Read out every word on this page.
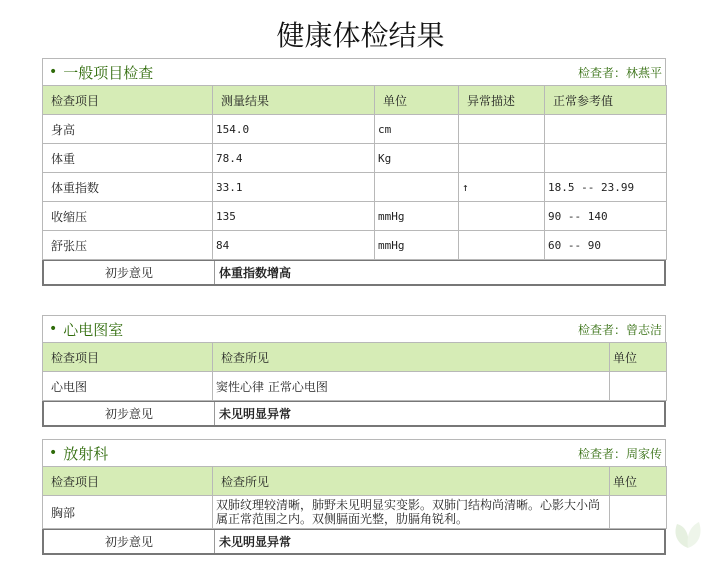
健康体检结果
• 一般项目检查	检查者：林燕平
检查项目	测量结果	单位	异常描述	正常参考值
身高	154.0	cm		
体重	78.4	Kg		
体重指数	33.1		↑	18.5 -- 23.99
收缩压	135	mmHg		90 -- 140
舒张压	84	mmHg		60 -- 90
初步意见	体重指数增高
• 心电图室	检查者：曾志洁
检查项目	检查所见	单位
心电图	窦性心律 正常心电图	
初步意见	未见明显异常
• 放射科	检查者：周家传
检查项目	检查所见	单位
胸部	双肺纹理较清晰，肺野未见明显实变影。双肺门结构尚清晰。心影大小尚属正常范围之内。双侧膈面光整，肋膈角锐利。	
初步意见	未见明显异常
